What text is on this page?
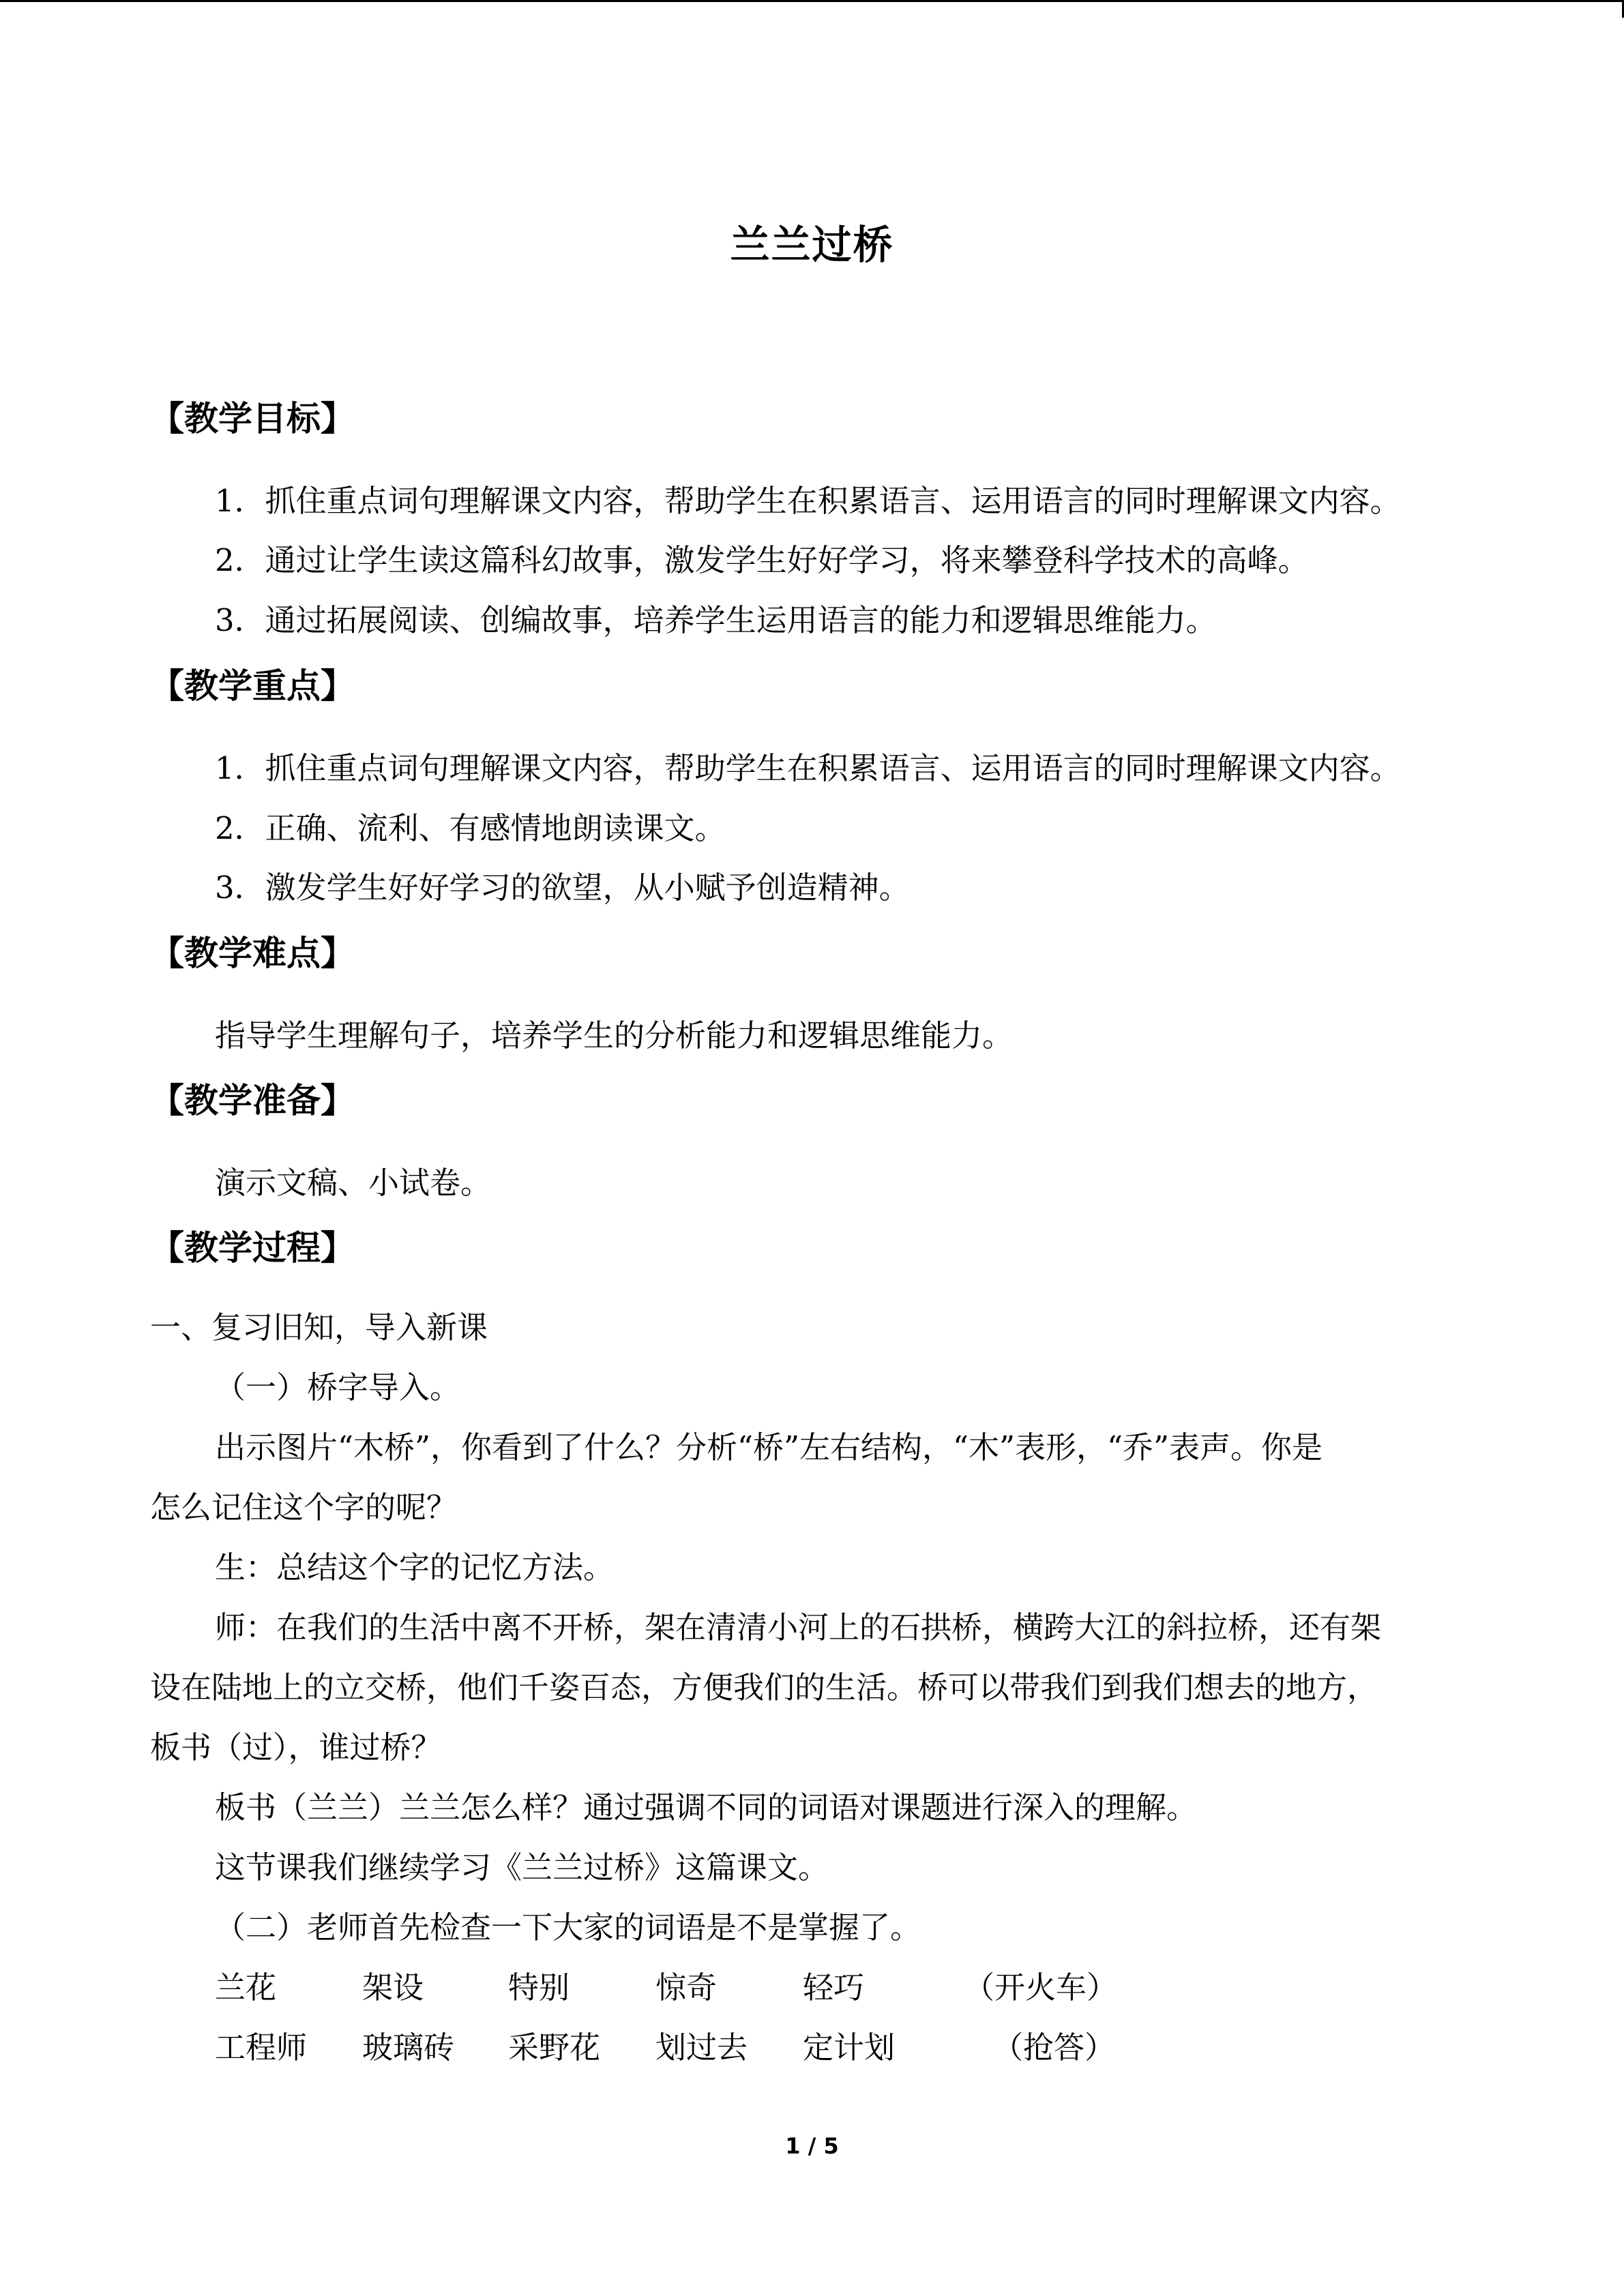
兰兰过桥
【教学目标】
1．抓住重点词句理解课文内容，帮助学生在积累语言、运用语言的同时理解课文内容。
2．通过让学生读这篇科幻故事，激发学生好好学习，将来攀登科学技术的高峰。
3．通过拓展阅读、创编故事，培养学生运用语言的能力和逻辑思维能力。
【教学重点】
1．抓住重点词句理解课文内容，帮助学生在积累语言、运用语言的同时理解课文内容。
2．正确、流利、有感情地朗读课文。
3．激发学生好好学习的欲望，从小赋予创造精神。
【教学难点】
指导学生理解句子，培养学生的分析能力和逻辑思维能力。
【教学准备】
演示文稿、小试卷。
【教学过程】
一、复习旧知，导入新课
（一）桥字导入。
出示图片“木桥”，你看到了什么？分析“桥”左右结构，“木”表形，“乔”表声。你是
怎么记住这个字的呢？
生：总结这个字的记忆方法。
师：在我们的生活中离不开桥，架在清清小河上的石拱桥，横跨大江的斜拉桥，还有架
设在陆地上的立交桥，他们千姿百态，方便我们的生活。桥可以带我们到我们想去的地方，
板书（过），谁过桥？
板书（兰兰）兰兰怎么样？通过强调不同的词语对课题进行深入的理解。
这节课我们继续学习《兰兰过桥》这篇课文。
（二）老师首先检查一下大家的词语是不是掌握了。
兰花	架设	特别	惊奇	轻巧	（开火车）
工程师 玻璃砖 采野花 划过去 定计划	（抢答）
1 / 5
